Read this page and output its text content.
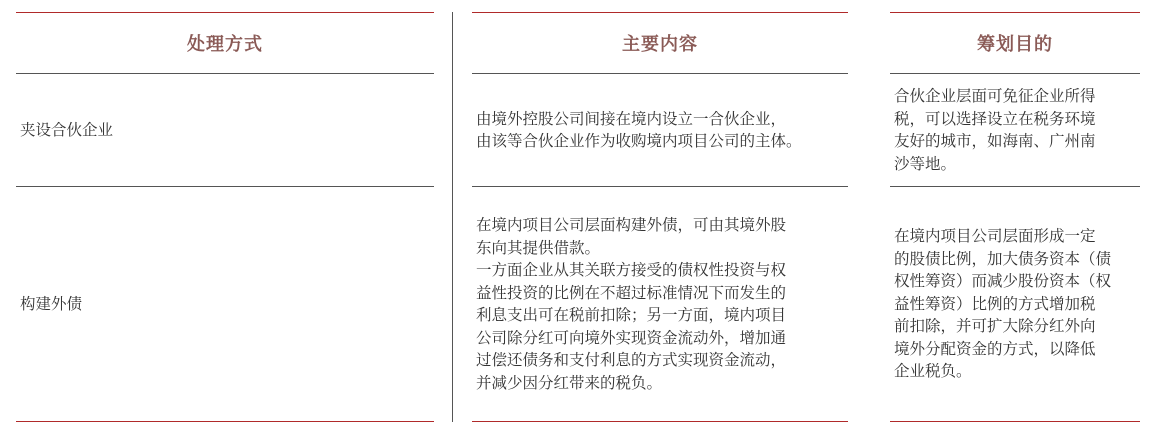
处理方式
夹设合伙企业
构建外债
主要内容
由境外控股公司间接在境内设立一合伙企业，
由该等合伙企业作为收购境内项目公司的主体。
在境内项目公司层面构建外债，可由其境外股
东向其提供借款。
一方面企业从其关联方接受的债权性投资与权
益性投资的比例在不超过标准情况下而发生的
利息支出可在税前扣除；另一方面，境内项目
公司除分红可向境外实现资金流动外，增加通
过偿还债务和支付利息的方式实现资金流动，
并减少因分红带来的税负。
筹划目的
合伙企业层面可免征企业所得
税，可以选择设立在税务环境
友好的城市，如海南、广州南
沙等地。
在境内项目公司层面形成一定
的股债比例，加大债务资本（债
权性筹资）而减少股份资本（权
益性筹资）比例的方式增加税
前扣除，并可扩大除分红外向
境外分配资金的方式，以降低
企业税负。
